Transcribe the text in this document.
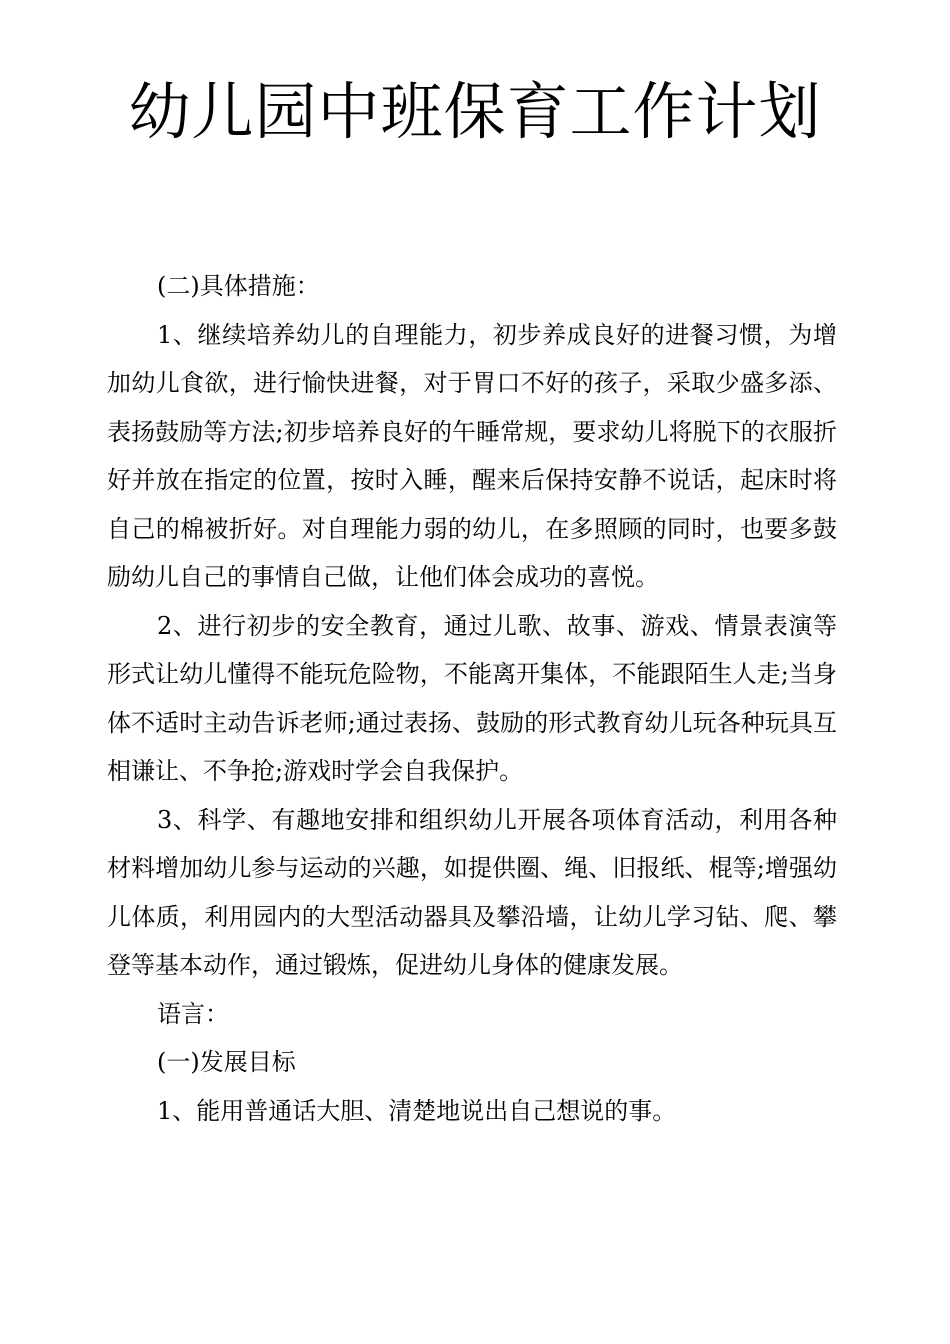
幼儿园中班保育工作计划

(二)具体措施：

1、继续培养幼儿的自理能力，初步养成良好的进餐习惯，为增加幼儿食欲，进行愉快进餐，对于胃口不好的孩子，采取少盛多添、表扬鼓励等方法;初步培养良好的午睡常规，要求幼儿将脱下的衣服折好并放在指定的位置，按时入睡，醒来后保持安静不说话，起床时将自己的棉被折好。对自理能力弱的幼儿，在多照顾的同时，也要多鼓励幼儿自己的事情自己做，让他们体会成功的喜悦。

2、进行初步的安全教育，通过儿歌、故事、游戏、情景表演等形式让幼儿懂得不能玩危险物，不能离开集体，不能跟陌生人走;当身体不适时主动告诉老师;通过表扬、鼓励的形式教育幼儿玩各种玩具互相谦让、不争抢;游戏时学会自我保护。

3、科学、有趣地安排和组织幼儿开展各项体育活动，利用各种材料增加幼儿参与运动的兴趣，如提供圈、绳、旧报纸、棍等;增强幼儿体质，利用园内的大型活动器具及攀沿墙，让幼儿学习钻、爬、攀登等基本动作，通过锻炼，促进幼儿身体的健康发展。

语言：

(一)发展目标

1、能用普通话大胆、清楚地说出自己想说的事。
